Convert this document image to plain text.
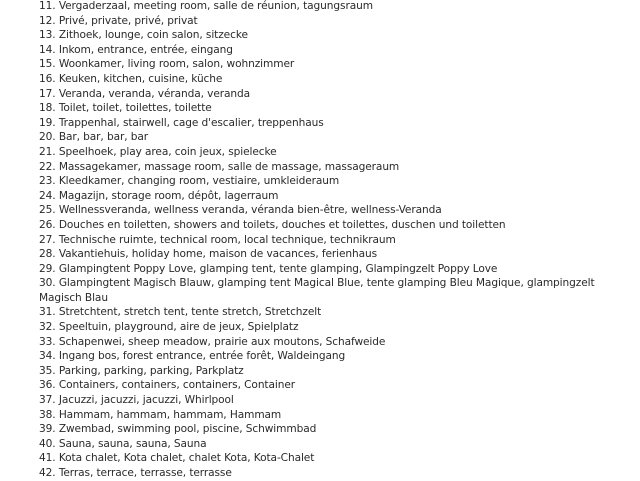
11. Vergaderzaal, meeting room, salle de réunion, tagungsraum

12. Privé, private, privé, privat

13. Zithoek, lounge, coin salon, sitzecke

14. Inkom, entrance, entrée, eingang

15. Woonkamer, living room, salon, wohnzimmer

16. Keuken, kitchen, cuisine, küche

17. Veranda, veranda, véranda, veranda

18. Toilet, toilet, toilettes, toilette

19. Trappenhal, stairwell, cage d'escalier, treppenhaus

20. Bar, bar, bar, bar

21. Speelhoek, play area, coin jeux, spielecke

22. Massagekamer, massage room, salle de massage, massageraum

23. Kleedkamer, changing room, vestiaire, umkleideraum

24. Magazijn, storage room, dépôt, lagerraum

25. Wellnessveranda, wellness veranda, véranda bien-être, wellness-Veranda

26. Douches en toiletten, showers and toilets, douches et toilettes, duschen und toiletten

27. Technische ruimte, technical room, local technique, technikraum

28. Vakantiehuis, holiday home, maison de vacances, ferienhaus

29. Glampingtent Poppy Love, glamping tent, tente glamping, Glampingzelt Poppy Love

30. Glampingtent Magisch Blauw, glamping tent Magical Blue, tente glamping Bleu Magique, glampingzelt Magisch Blau

31. Stretchtent, stretch tent, tente stretch, Stretchzelt

32. Speeltuin, playground, aire de jeux, Spielplatz

33. Schapenwei, sheep meadow, prairie aux moutons, Schafweide

34. Ingang bos, forest entrance, entrée forêt, Waldeingang

35. Parking, parking, parking, Parkplatz

36. Containers, containers, containers, Container

37. Jacuzzi, jacuzzi, jacuzzi, Whirlpool

38. Hammam, hammam, hammam, Hammam

39. Zwembad, swimming pool, piscine, Schwimmbad

40. Sauna, sauna, sauna, Sauna

41. Kota chalet, Kota chalet, chalet Kota, Kota-Chalet

42. Terras, terrace, terrasse, terrasse
